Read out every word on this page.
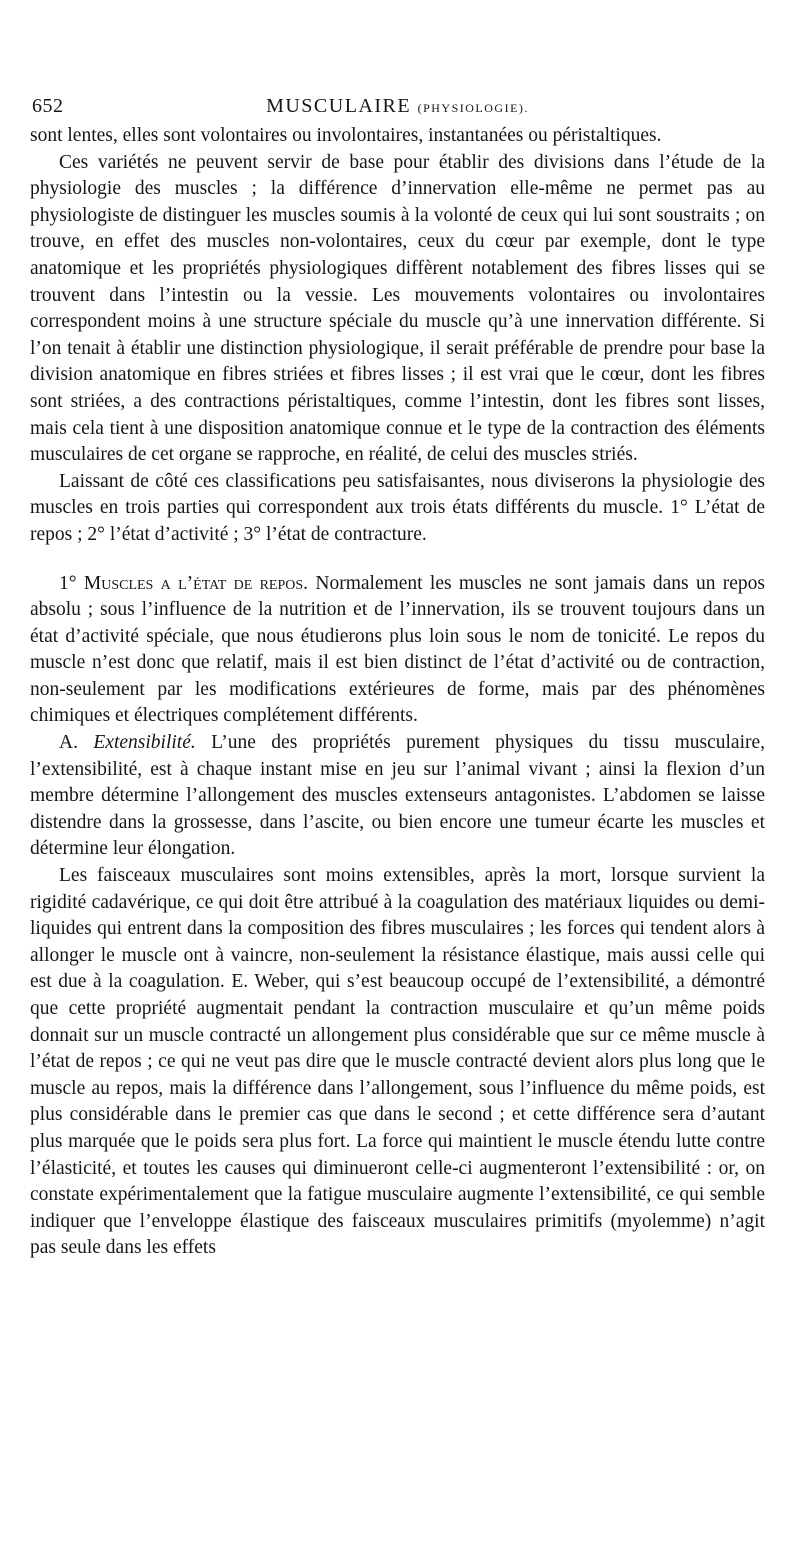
652	MUSCULAIRE (PHYSIOLOGIE).

sont lentes, elles sont volontaires ou involontaires, instantanées ou péristaltiques.

Ces variétés ne peuvent servir de base pour établir des divisions dans l’étude de la physiologie des muscles ; la différence d’innervation elle-même ne permet pas au physiologiste de distinguer les muscles soumis à la volonté de ceux qui lui sont soustraits ; on trouve, en effet des muscles non-volontaires, ceux du cœur par exemple, dont le type anatomique et les propriétés physiologiques diffèrent notablement des fibres lisses qui se trouvent dans l’intestin ou la vessie. Les mouvements volontaires ou involontaires correspondent moins à une structure spéciale du muscle qu’à une innervation différente. Si l’on tenait à établir une distinction physiologique, il serait préférable de prendre pour base la division anatomique en fibres striées et fibres lisses ; il est vrai que le cœur, dont les fibres sont striées, a des contractions péristaltiques, comme l’intestin, dont les fibres sont lisses, mais cela tient à une disposition anatomique connue et le type de la contraction des éléments musculaires de cet organe se rapproche, en réalité, de celui des muscles striés.

Laissant de côté ces classifications peu satisfaisantes, nous diviserons la physiologie des muscles en trois parties qui correspondent aux trois états différents du muscle. 1° L’état de repos ; 2° l’état d’activité ; 3° l’état de contracture.

1° Muscles a l’état de repos. Normalement les muscles ne sont jamais dans un repos absolu ; sous l’influence de la nutrition et de l’innervation, ils se trouvent toujours dans un état d’activité spéciale, que nous étudierons plus loin sous le nom de tonicité. Le repos du muscle n’est donc que relatif, mais il est bien distinct de l’état d’activité ou de contraction, non-seulement par les modifications extérieures de forme, mais par des phénomènes chimiques et électriques complétement différents.

A. Extensibilité. L’une des propriétés purement physiques du tissu musculaire, l’extensibilité, est à chaque instant mise en jeu sur l’animal vivant ; ainsi la flexion d’un membre détermine l’allongement des muscles extenseurs antagonistes. L’abdomen se laisse distendre dans la grossesse, dans l’ascite, ou bien encore une tumeur écarte les muscles et détermine leur élongation.

Les faisceaux musculaires sont moins extensibles, après la mort, lorsque survient la rigidité cadavérique, ce qui doit être attribué à la coagulation des matériaux liquides ou demi-liquides qui entrent dans la composition des fibres musculaires ; les forces qui tendent alors à allonger le muscle ont à vaincre, non-seulement la résistance élastique, mais aussi celle qui est due à la coagulation. E. Weber, qui s’est beaucoup occupé de l’extensibilité, a démontré que cette propriété augmentait pendant la contraction musculaire et qu’un même poids donnait sur un muscle contracté un allongement plus considérable que sur ce même muscle à l’état de repos ; ce qui ne veut pas dire que le muscle contracté devient alors plus long que le muscle au repos, mais la différence dans l’allongement, sous l’influence du même poids, est plus considérable dans le premier cas que dans le second ; et cette différence sera d’autant plus marquée que le poids sera plus fort. La force qui maintient le muscle étendu lutte contre l’élasticité, et toutes les causes qui diminueront celle-ci augmenteront l’extensibilité : or, on constate expérimentalement que la fatigue musculaire augmente l’extensibilité, ce qui semble indiquer que l’enveloppe élastique des faisceaux musculaires primitifs (myolemme) n’agit pas seule dans les effets
